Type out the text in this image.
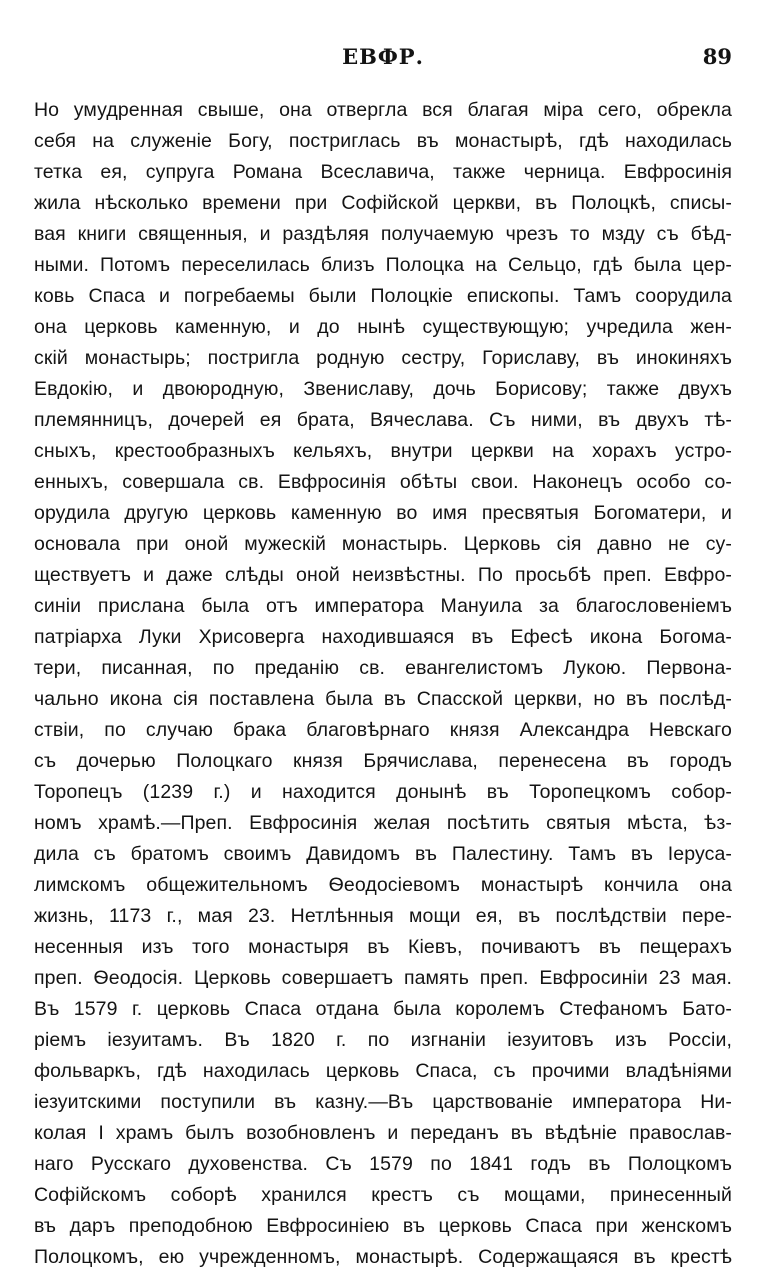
ЕВФР.	89
Но умудренная свыше, она отвергла вся благая міра сего, обрекла
себя на служеніе Богу, постриглась въ монастырѣ, гдѣ находилась
тетка ея, супруга Романа Всеславича, также черница. Евфросинія
жила нѣсколько времени при Софійской церкви, въ Полоцкѣ, списы-
вая книги священныя, и раздѣляя получаемую чрезъ то мзду съ бѣд-
ными. Потомъ переселилась близъ Полоцка на Сельцо, гдѣ была цер-
ковь Спаса и погребаемы были Полоцкіе епископы. Тамъ соорудила
она церковь каменную, и до нынѣ существующую; учредила жен-
скій монастырь; постригла родную сестру, Гориславу, въ инокиняхъ
Евдокію, и двоюродную, Звениславу, дочь Борисову; также двухъ
племянницъ, дочерей ея брата, Вячеслава. Съ ними, въ двухъ тѣ-
сныхъ, крестообразныхъ кельяхъ, внутри церкви на хорахъ устро-
енныхъ, совершала св. Евфросинія обѣты свои. Наконецъ особо со-
орудила другую церковь каменную во имя пресвятыя Богоматери, и
основала при оной мужескій монастырь. Церковь сія давно не су-
ществуетъ и даже слѣды оной неизвѣстны. По просьбѣ преп. Евфро-
синіи прислана была отъ императора Мануила за благословеніемъ
патріарха Луки Хрисоверга находившаяся въ Ефесѣ икона Богома-
тери, писанная, по преданію св. евангелистомъ Лукою. Первона-
чально икона сія поставлена была въ Спасской церкви, но въ послѣд-
ствіи, по случаю брака благовѣрнаго князя Александра Невскаго
съ дочерью Полоцкаго князя Брячислава, перенесена въ городъ
Торопецъ (1239 г.) и находится донынѣ въ Торопецкомъ собор-
номъ храмѣ.—Преп. Евфросинія желая посѣтить святыя мѣста, ѣз-
дила съ братомъ своимъ Давидомъ въ Палестину. Тамъ въ Іерусa-
лимскомъ общежительномъ Ѳеодосіевомъ монастырѣ кончила она
жизнь, 1173 г., мая 23. Нетлѣнныя мощи ея, въ послѣдствіи пере-
несенныя изъ того монастыря въ Кіевъ, почиваютъ въ пещерахъ
преп. Ѳеодосія. Церковь совершаетъ память преп. Евфросиніи 23 мая.
Въ 1579 г. церковь Спаса отдана была королемъ Стефаномъ Бато-
ріемъ іезуитамъ. Въ 1820 г. по изгнаніи іезуитовъ изъ Россіи,
фольваркъ, гдѣ находилась церковь Спаса, съ прочими владѣніями
іезуитскими поступили въ казну.—Въ царствованіе императора Ни-
колая I храмъ былъ возобновленъ и переданъ въ вѣдѣніе православ-
наго Русскаго духовенства. Съ 1579 по 1841 годъ въ Полоцкомъ
Софійскомъ соборѣ хранился крестъ съ мощами, принесенный
въ даръ преподобною Евфросиніею въ церковь Спаса при женскомъ
Полоцкомъ, ею учрежденномъ, монастырѣ. Содержащаяся въ крестѣ
